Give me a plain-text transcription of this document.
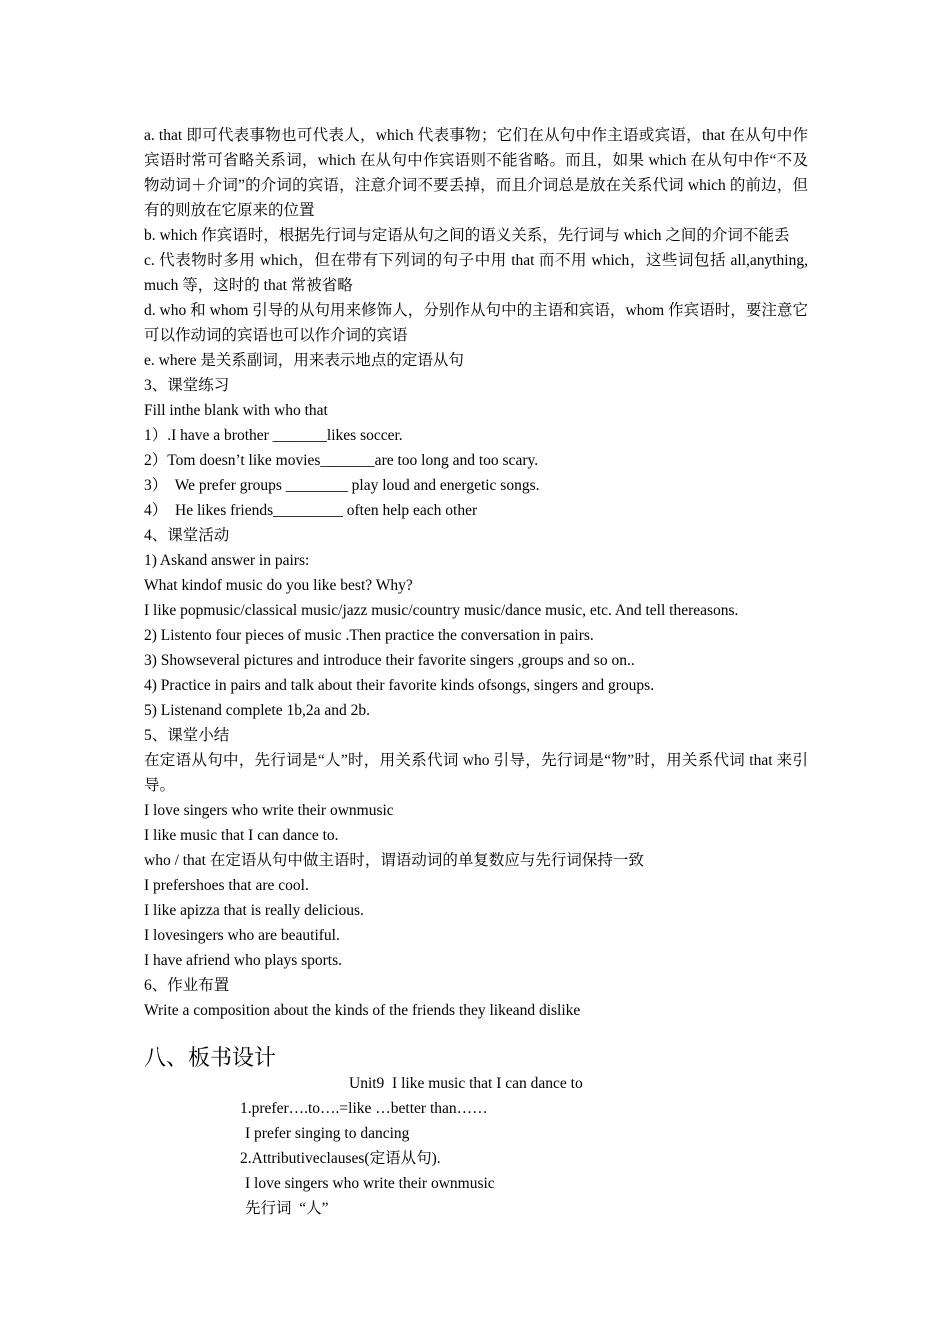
a. that 即可代表事物也可代表人，which 代表事物；它们在从句中作主语或宾语，that 在从句中作宾语时常可省略关系词，which 在从句中作宾语则不能省略。而且，如果 which 在从句中作“不及物动词＋介词”的介词的宾语，注意介词不要丢掉，而且介词总是放在关系代词 which 的前边，但有的则放在它原来的位置

b. which 作宾语时，根据先行词与定语从句之间的语义关系，先行词与 which 之间的介词不能丢

c. 代表物时多用 which，但在带有下列词的句子中用 that 而不用 which，这些词包括 all,anything, much 等，这时的 that 常被省略

d. who 和 whom 引导的从句用来修饰人，分别作从句中的主语和宾语，whom 作宾语时，要注意它可以作动词的宾语也可以作介词的宾语

e. where 是关系副词，用来表示地点的定语从句

3、课堂练习

Fill inthe blank with who that

1）.I have a brother _______likes soccer.

2）Tom doesn’t like movies_______are too long and too scary.

3）  We prefer groups ________ play loud and energetic songs.

4）  He likes friends_________ often help each other

4、课堂活动

1) Askand answer in pairs:

What kindof music do you like best? Why?

I like popmusic/classical music/jazz music/country music/dance music, etc. And tell thereasons.

2) Listento four pieces of music .Then practice the conversation in pairs.

3) Showseveral pictures and introduce their favorite singers ,groups and so on..

4) Practice in pairs and talk about their favorite kinds ofsongs, singers and groups.

5) Listenand complete 1b,2a and 2b.

5、课堂小结

在定语从句中，先行词是“人”时，用关系代词 who 引导，先行词是“物”时，用关系代词 that 来引导。

I love singers who write their ownmusic

I like music that I can dance to.

who / that 在定语从句中做主语时，谓语动词的单复数应与先行词保持一致

I prefershoes that are cool.

I like apizza that is really delicious.

I lovesingers who are beautiful.

I have afriend who plays sports.

6、作业布置

Write a composition about the kinds of the friends they likeand dislike

八、板书设计

Unit9  I like music that I can dance to

1.prefer….to….=like …better than……

I prefer singing to dancing

2.Attributiveclauses(定语从句).

I love singers who write their ownmusic

先行词  “人”
